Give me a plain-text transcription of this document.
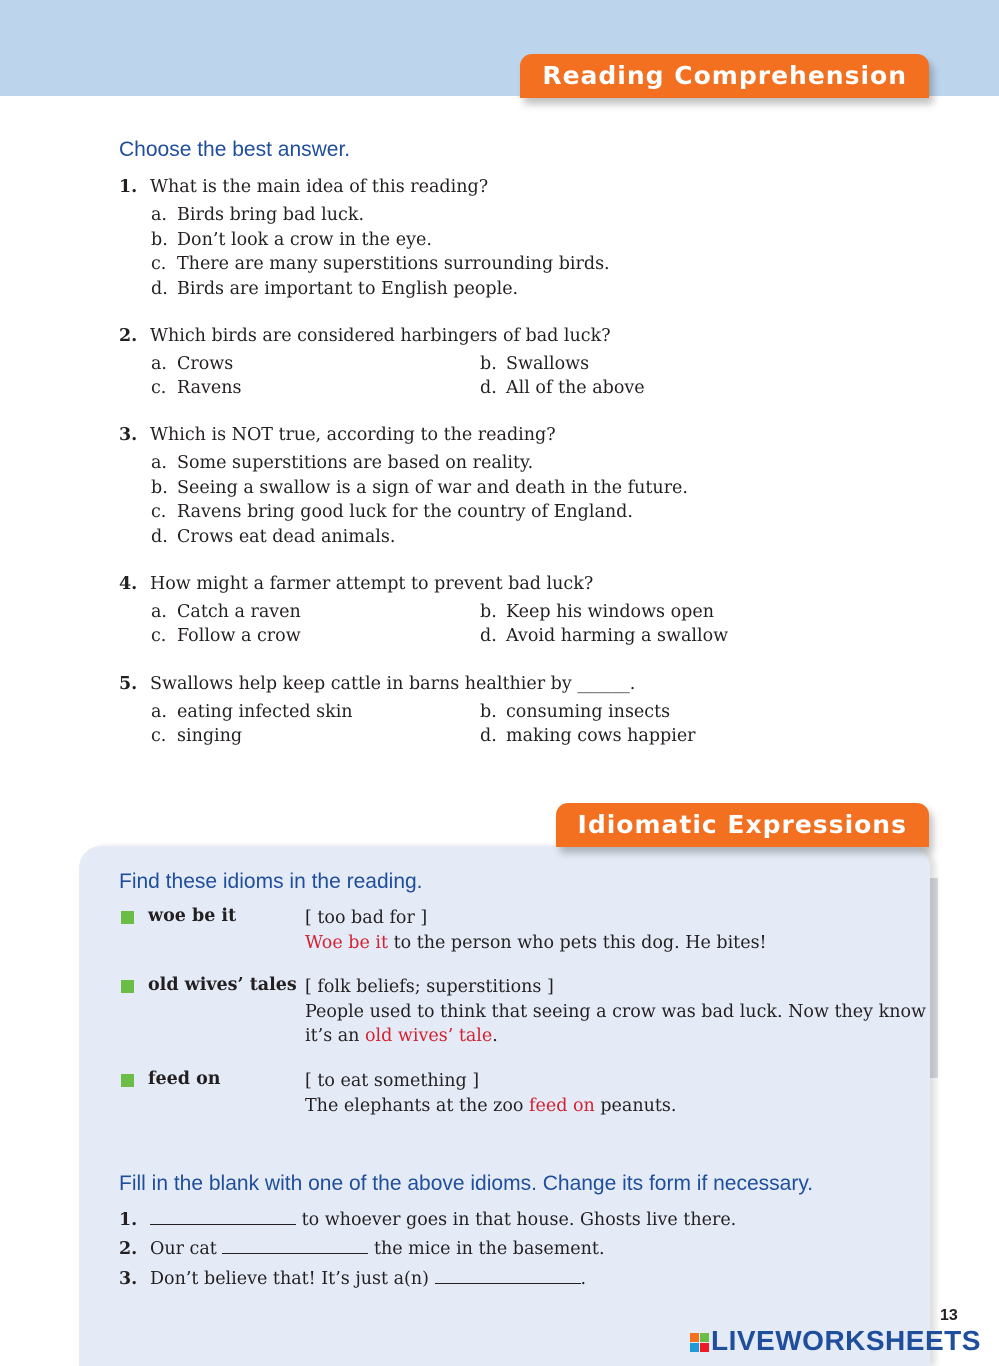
Reading Comprehension
Choose the best answer.
1. What is the main idea of this reading?
a. Birds bring bad luck.
b. Don’t look a crow in the eye.
c. There are many superstitions surrounding birds.
d. Birds are important to English people.
2. Which birds are considered harbingers of bad luck?
a. Crows	b. Swallows
c. Ravens	d. All of the above
3. Which is NOT true, according to the reading?
a. Some superstitions are based on reality.
b. Seeing a swallow is a sign of war and death in the future.
c. Ravens bring good luck for the country of England.
d. Crows eat dead animals.
4. How might a farmer attempt to prevent bad luck?
a. Catch a raven	b. Keep his windows open
c. Follow a crow	d. Avoid harming a swallow
5. Swallows help keep cattle in barns healthier by ______.
a. eating infected skin	b. consuming insects
c. singing	d. making cows happier
Idiomatic Expressions
Find these idioms in the reading.
woe be it	[ too bad for ]
Woe be it to the person who pets this dog. He bites!
old wives’ tales [ folk beliefs; superstitions ]
People used to think that seeing a crow was bad luck. Now they know
it’s an old wives’ tale.
feed on	[ to eat something ]
The elephants at the zoo feed on peanuts.
Fill in the blank with one of the above idioms. Change its form if necessary.
1.	to whoever goes in that house. Ghosts live there.
2. Our cat	the mice in the basement.
3. Don’t believe that! It’s just a(n)	.
13
LIVEWORKSHEETS
